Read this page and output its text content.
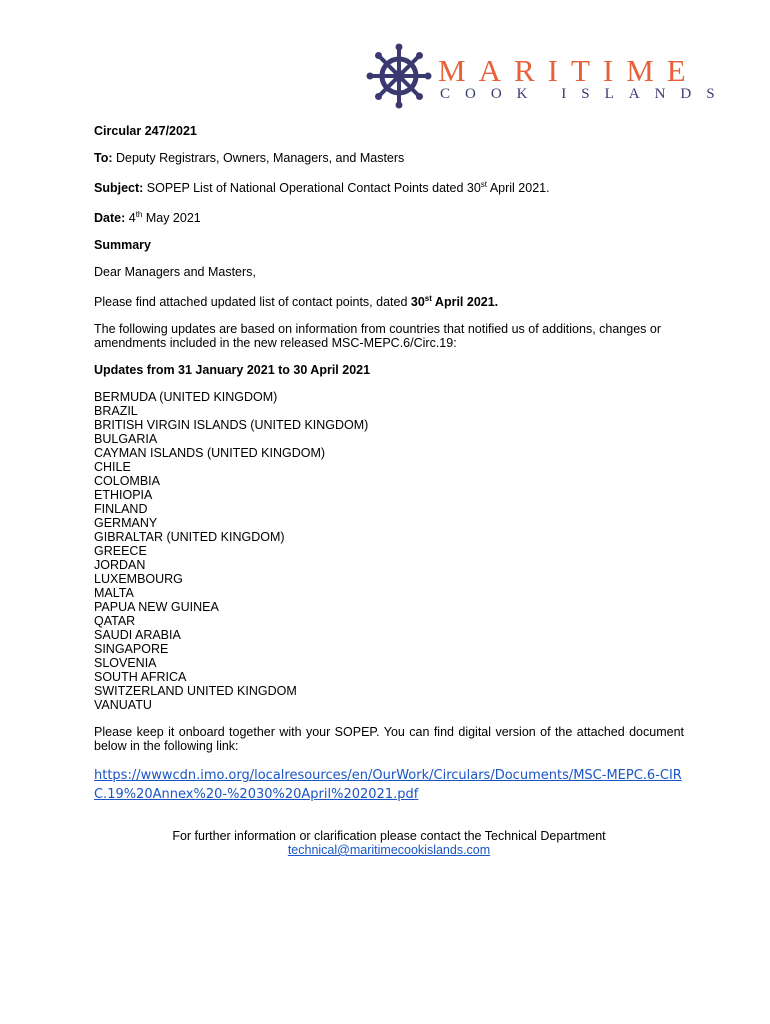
MARITIME
COOK ISLANDS

Circular 247/2021

To: Deputy Registrars, Owners, Managers, and Masters

Subject: SOPEP List of National Operational Contact Points dated 30st April 2021.

Date: 4th May 2021

Summary

Dear Managers and Masters,

Please find attached updated list of contact points, dated 30st April 2021.

The following updates are based on information from countries that notified us of additions, changes or amendments included in the new released MSC-MEPC.6/Circ.19:

Updates from 31 January 2021 to 30 April 2021

BERMUDA (UNITED KINGDOM)
BRAZIL
BRITISH VIRGIN ISLANDS (UNITED KINGDOM)
BULGARIA
CAYMAN ISLANDS (UNITED KINGDOM)
CHILE
COLOMBIA
ETHIOPIA
FINLAND
GERMANY
GIBRALTAR (UNITED KINGDOM)
GREECE
JORDAN
LUXEMBOURG
MALTA
PAPUA NEW GUINEA
QATAR
SAUDI ARABIA
SINGAPORE
SLOVENIA
SOUTH AFRICA
SWITZERLAND UNITED KINGDOM
VANUATU

Please keep it onboard together with your SOPEP. You can find digital version of the attached document below in the following link:

https://wwwcdn.imo.org/localresources/en/OurWork/Circulars/Documents/MSC-MEPC.6-CIRC.19%20Annex%20-%2030%20April%202021.pdf
For further information or clarification please contact the Technical Department
technical@maritimecookislands.com
